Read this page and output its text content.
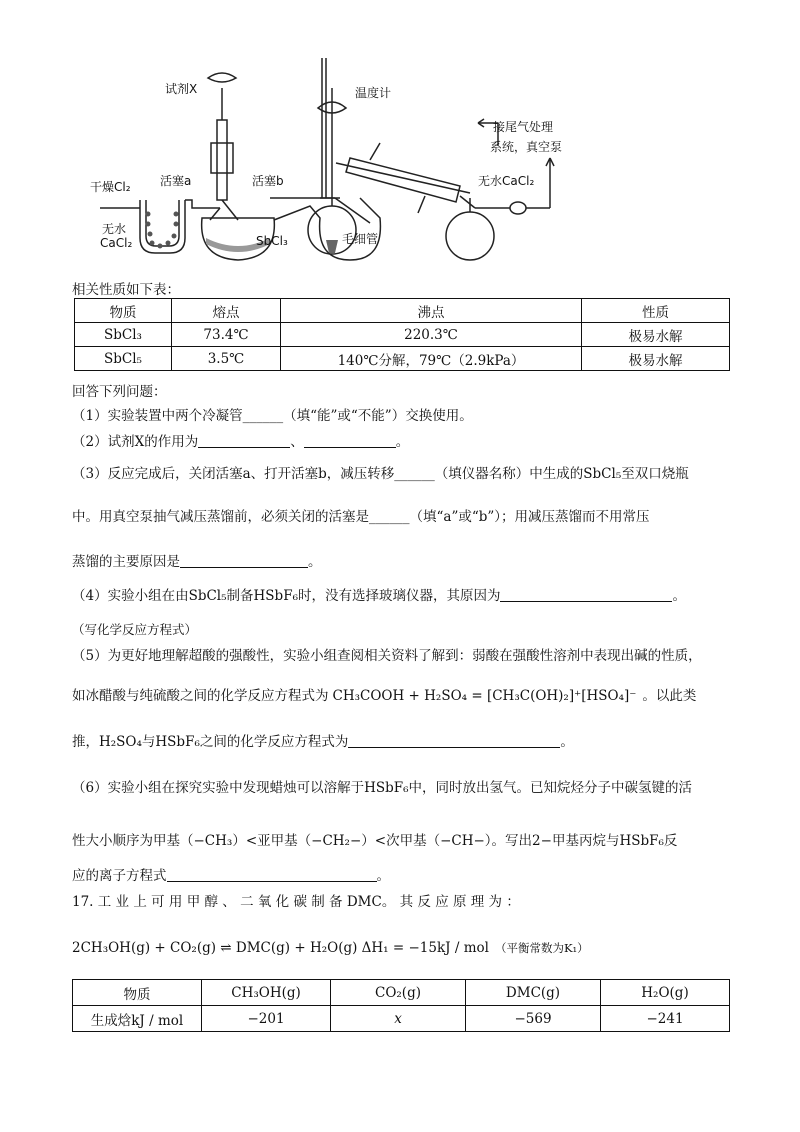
试剂X	温度计
接尾气处理
系统，真空泵
干燥Cl₂ 活塞a	活塞b	无水CaCl₂
无水
CaCl₂	SbCl₃	毛细管
相关性质如下表：
物质	熔点	沸点	性质
SbCl₃	73.4℃	220.3℃	极易水解
SbCl₅	3.5℃	140℃分解，79℃（2.9kPa）	极易水解
回答下列问题：
（1）实验装置中两个冷凝管______（填“能”或“不能”）交换使用。
（2）试剂X的作用为	、	。
（3）反应完成后，关闭活塞a、打开活塞b，减压转移______（填仪器名称）中生成的SbCl₅至双口烧瓶
中。用真空泵抽气减压蒸馏前，必须关闭的活塞是______（填“a”或“b”）；用减压蒸馏而不用常压
蒸馏的主要原因是	。
（4）实验小组在由SbCl₅制备HSbF₆时，没有选择玻璃仪器，其原因为	。
（写化学反应方程式）
（5）为更好地理解超酸的强酸性，实验小组查阅相关资料了解到：弱酸在强酸性溶剂中表现出碱的性质，
如冰醋酸与纯硫酸之间的化学反应方程式为 CH₃COOH + H₂SO₄ = [CH₃C(OH)₂]⁺[HSO₄]⁻ 。以此类
推，H₂SO₄与HSbF₆之间的化学反应方程式为	。
（6）实验小组在探究实验中发现蜡烛可以溶解于HSbF₆中，同时放出氢气。已知烷烃分子中碳氢键的活
性大小顺序为甲基（−CH₃）<亚甲基（−CH₂−）<次甲基（−CH−）。写出2−甲基丙烷与HSbF₆反
应的离子方程式	。
17. 工 业 上 可 用 甲 醇 、 二 氧 化 碳 制 备 DMC。 其 反 应 原 理 为 ：
2CH₃OH(g) + CO₂(g) ⇌ DMC(g) + H₂O(g) ΔH₁ = −15kJ / mol （平衡常数为K₁）
物质	CH₃OH(g)	CO₂(g)	DMC(g)	H₂O(g)
生成焓kJ / mol	−201	x	−569	−241
